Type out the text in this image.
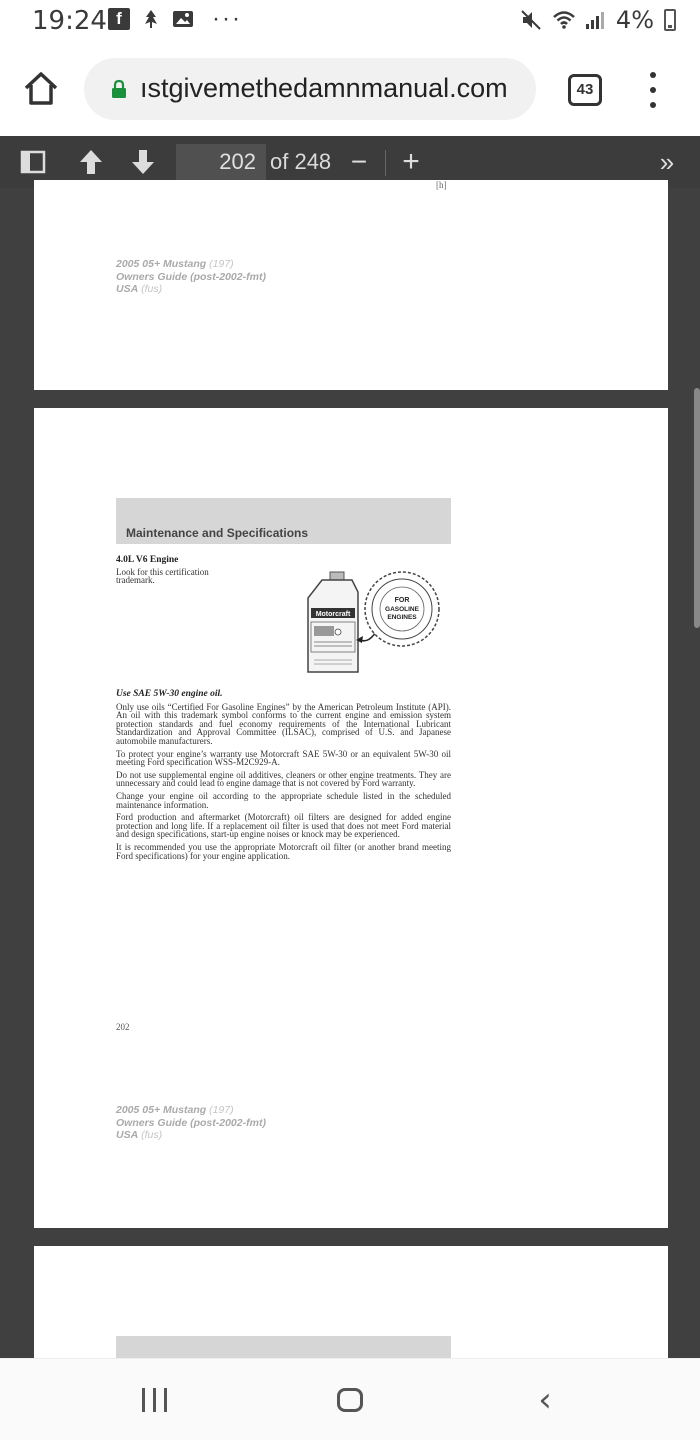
19:24 f	···	4%
ıstgivemethedamnmanual.com	43
202
of 248 − +	»
[h]
2005 05+ Mustang (197)
Owners Guide (post-2002-fmt)
USA (fus)
Maintenance and Specifications
4.0L V6 Engine
Look for this certification trademark.
Motorcraft
FOR
GASOLINE
ENGINES
Use SAE 5W-30 engine oil.
Only use oils “Certified For Gasoline Engines” by the American Petroleum Institute (API). An oil with this trademark symbol conforms to the current engine and emission system protection standards and fuel economy requirements of the International Lubricant Standardization and Approval Committee (ILSAC), comprised of U.S. and Japanese automobile manufacturers.
To protect your engine’s warranty use Motorcraft SAE 5W-30 or an equivalent 5W-30 oil meeting Ford specification WSS-M2C929-A.
Do not use supplemental engine oil additives, cleaners or other engine treatments. They are unnecessary and could lead to engine damage that is not covered by Ford warranty.
Change your engine oil according to the appropriate schedule listed in the scheduled maintenance information.
Ford production and aftermarket (Motorcraft) oil filters are designed for added engine protection and long life. If a replacement oil filter is used that does not meet Ford material and design specifications, start-up engine noises or knock may be experienced.
It is recommended you use the appropriate Motorcraft oil filter (or another brand meeting Ford specifications) for your engine application.
202
2005 05+ Mustang (197)
Owners Guide (post-2002-fmt)
USA (fus)
‹
